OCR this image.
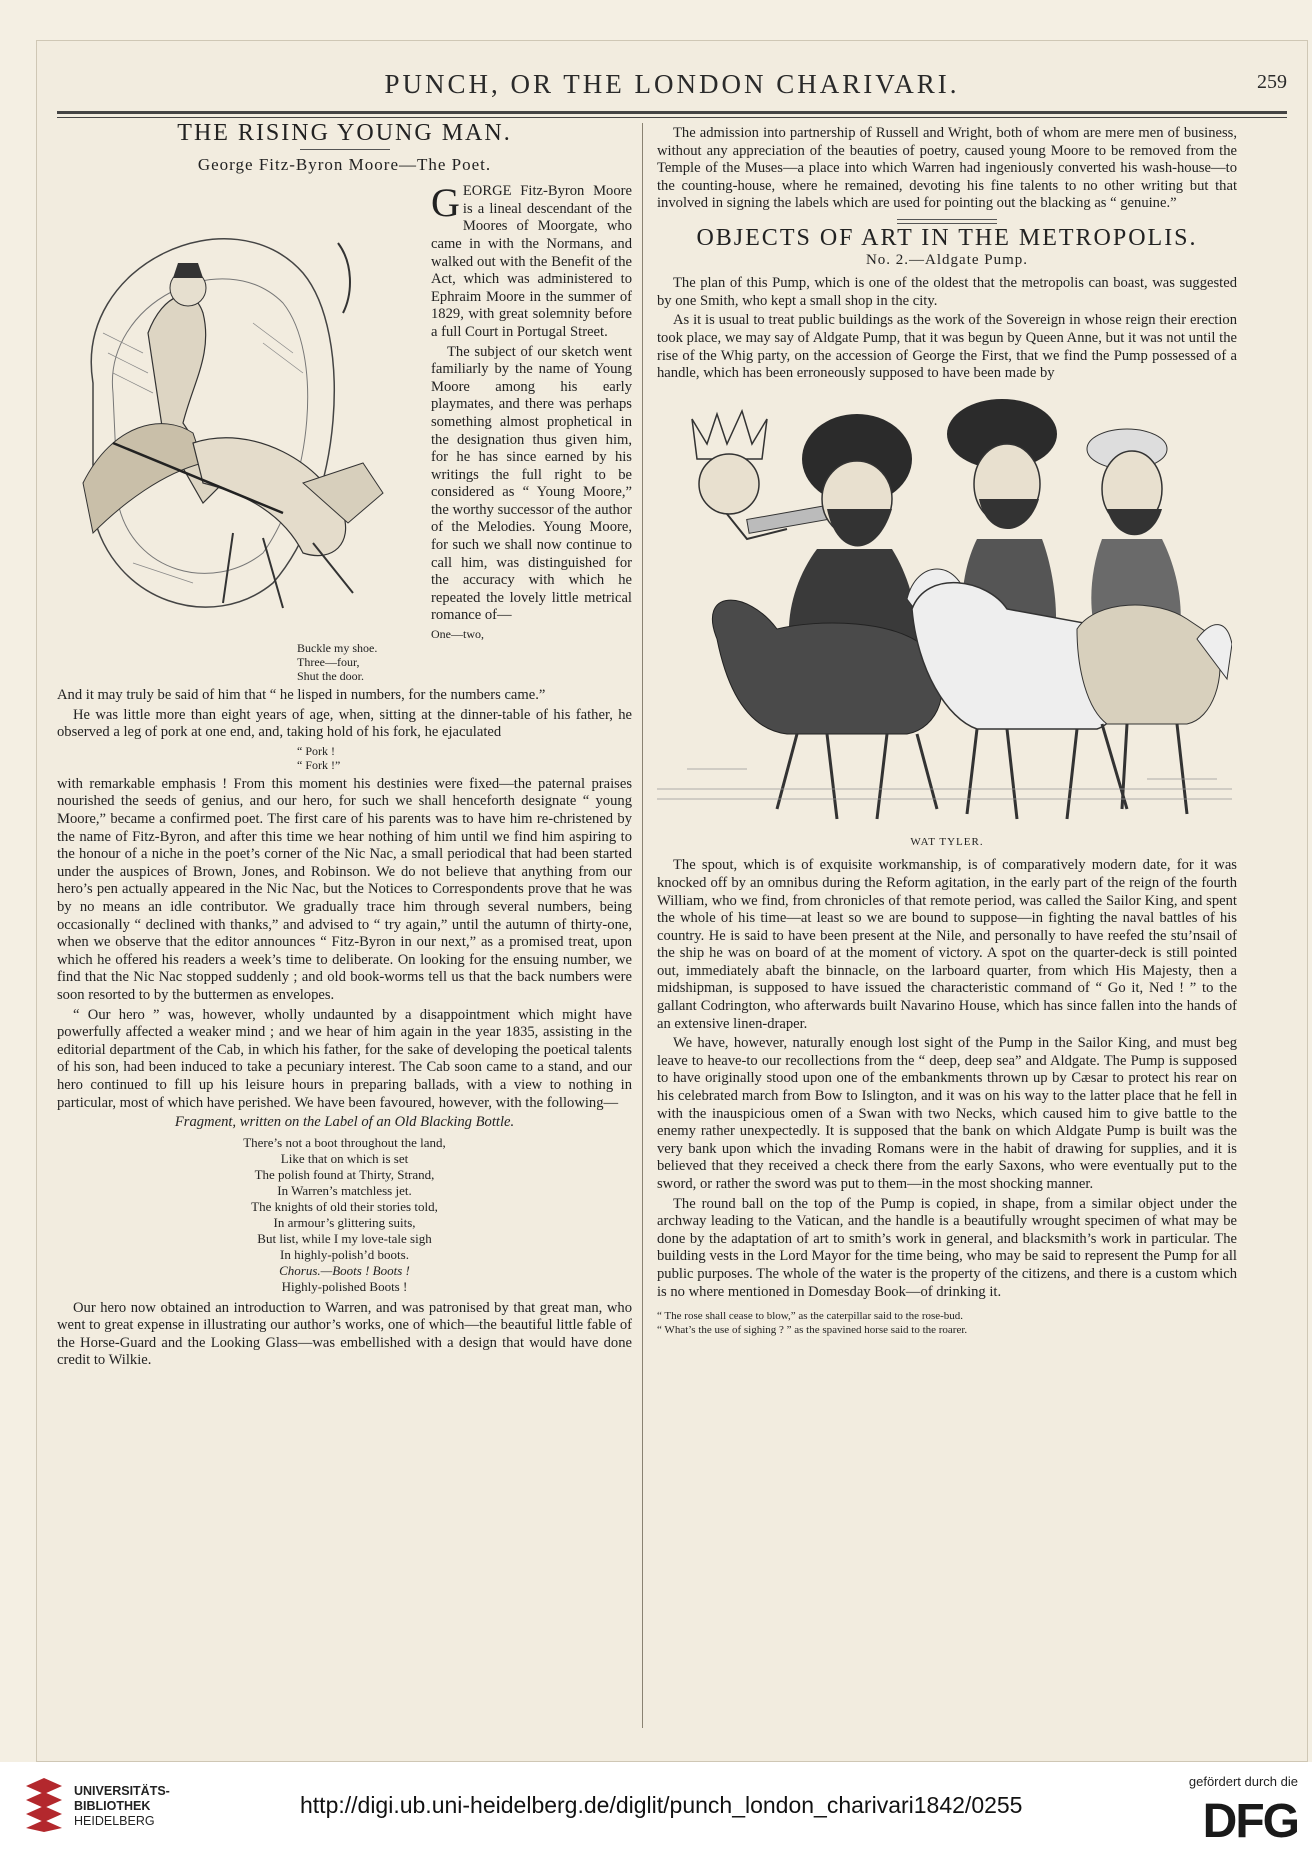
PUNCH, OR THE LONDON CHARIVARI.	259
THE RISING YOUNG MAN.
George Fitz-Byron Moore—The Poet.

GEORGE Fitz-Byron Moore is a lineal descendant of the Moores of Moorgate, who came in with the Normans, and walked out with the Benefit of the Act, which was administered to Ephraim Moore in the summer of 1829, with great solemnity before a full Court in Portugal Street.

The subject of our sketch went familiarly by the name of Young Moore among his early playmates, and there was perhaps something almost prophetical in the designation thus given him, for he has since earned by his writings the full right to be considered as “ Young Moore,” the worthy successor of the author of the Melodies. Young Moore, for such we shall now continue to call him, was distinguished for the accuracy with which he repeated the lovely little metrical romance of—

One—two,
Buckle my shoe.
Three—four,
Shut the door.

And it may truly be said of him that “ he lisped in numbers, for the numbers came.”

He was little more than eight years of age, when, sitting at the dinner-table of his father, he observed a leg of pork at one end, and, taking hold of his fork, he ejaculated

“ Pork !
“ Fork !”

with remarkable emphasis ! From this moment his destinies were fixed—the paternal praises nourished the seeds of genius, and our hero, for such we shall henceforth designate “ young Moore,” became a confirmed poet. The first care of his parents was to have him re-christened by the name of Fitz-Byron, and after this time we hear nothing of him until we find him aspiring to the honour of a niche in the poet’s corner of the Nic Nac, a small periodical that had been started under the auspices of Brown, Jones, and Robinson. We do not believe that anything from our hero’s pen actually appeared in the Nic Nac, but the Notices to Correspondents prove that he was by no means an idle contributor. We gradually trace him through several numbers, being occasionally “ declined with thanks,” and advised to “ try again,” until the autumn of thirty-one, when we observe that the editor announces “ Fitz-Byron in our next,” as a promised treat, upon which he offered his readers a week’s time to deliberate. On looking for the ensuing number, we find that the Nic Nac stopped suddenly ; and old book-worms tell us that the back numbers were soon resorted to by the buttermen as envelopes.

“ Our hero ” was, however, wholly undaunted by a disappointment which might have powerfully affected a weaker mind ; and we hear of him again in the year 1835, assisting in the editorial department of the Cab, in which his father, for the sake of developing the poetical talents of his son, had been induced to take a pecuniary interest. The Cab soon came to a stand, and our hero continued to fill up his leisure hours in preparing ballads, with a view to nothing in particular, most of which have perished. We have been favoured, however, with the following—

Fragment, written on the Label of an Old Blacking Bottle.

There’s not a boot throughout the land,
Like that on which is set
The polish found at Thirty, Strand,
In Warren’s matchless jet.
The knights of old their stories told,
In armour’s glittering suits,
But list, while I my love-tale sigh
In highly-polish’d boots.
Chorus.—Boots ! Boots !
Highly-polished Boots !

Our hero now obtained an introduction to Warren, and was patronised by that great man, who went to great expense in illustrating our author’s works, one of which—the beautiful little fable of the Horse-Guard and the Looking Glass—was embellished with a design that would have done credit to Wilkie.

The admission into partnership of Russell and Wright, both of whom are mere men of business, without any appreciation of the beauties of poetry, caused young Moore to be removed from the Temple of the Muses—a place into which Warren had ingeniously converted his wash-house—to the counting-house, where he remained, devoting his fine talents to no other writing but that involved in signing the labels which are used for pointing out the blacking as “ genuine.”

OBJECTS OF ART IN THE METROPOLIS.
No. 2.—Aldgate Pump.

The plan of this Pump, which is one of the oldest that the metropolis can boast, was suggested by one Smith, who kept a small shop in the city.

As it is usual to treat public buildings as the work of the Sovereign in whose reign their erection took place, we may say of Aldgate Pump, that it was begun by Queen Anne, but it was not until the rise of the Whig party, on the accession of George the First, that we find the Pump possessed of a handle, which has been erroneously supposed to have been made by

WAT TYLER.

The spout, which is of exquisite workmanship, is of comparatively modern date, for it was knocked off by an omnibus during the Reform agitation, in the early part of the reign of the fourth William, who we find, from chronicles of that remote period, was called the Sailor King, and spent the whole of his time—at least so we are bound to suppose—in fighting the naval battles of his country. He is said to have been present at the Nile, and personally to have reefed the stu’nsail of the ship he was on board of at the moment of victory. A spot on the quarter-deck is still pointed out, immediately abaft the binnacle, on the larboard quarter, from which His Majesty, then a midshipman, is supposed to have issued the characteristic command of “ Go it, Ned ! ” to the gallant Codrington, who afterwards built Navarino House, which has since fallen into the hands of an extensive linen-draper.

We have, however, naturally enough lost sight of the Pump in the Sailor King, and must beg leave to heave-to our recollections from the “ deep, deep sea” and Aldgate. The Pump is supposed to have originally stood upon one of the embankments thrown up by Cæsar to protect his rear on his celebrated march from Bow to Islington, and it was on his way to the latter place that he fell in with the inauspicious omen of a Swan with two Necks, which caused him to give battle to the enemy rather unexpectedly. It is supposed that the bank on which Aldgate Pump is built was the very bank upon which the invading Romans were in the habit of drawing for supplies, and it is believed that they received a check there from the early Saxons, who were eventually put to the sword, or rather the sword was put to them—in the most shocking manner.

The round ball on the top of the Pump is copied, in shape, from a similar object under the archway leading to the Vatican, and the handle is a beautifully wrought specimen of what may be done by the adaptation of art to smith’s work in general, and blacksmith’s work in particular. The building vests in the Lord Mayor for the time being, who may be said to represent the Pump for all public purposes. The whole of the water is the property of the citizens, and there is a custom which is no where mentioned in Domesday Book—of drinking it.

“ The rose shall cease to blow,” as the caterpillar said to the rose-bud.
“ What’s the use of sighing ? ” as the spavined horse said to the roarer.
UNIVERSITÄTS-
BIBLIOTHEK
HEIDELBERG
http://digi.ub.uni-heidelberg.de/diglit/punch_london_charivari1842/0255
gefördert durch die
DFG
